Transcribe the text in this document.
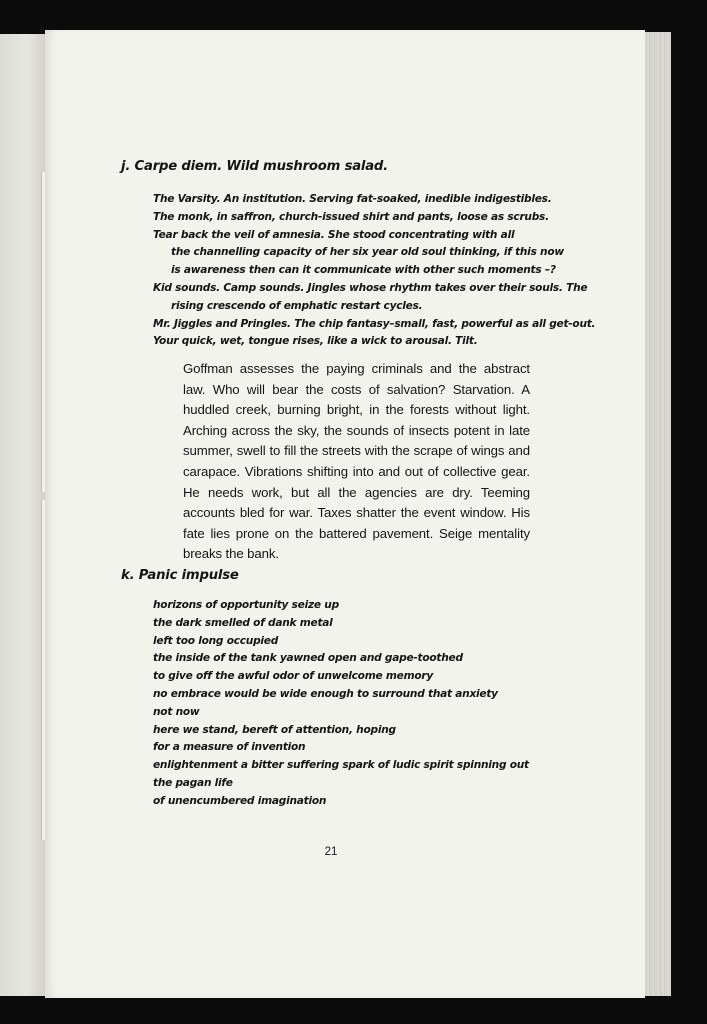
j. Carpe diem. Wild mushroom salad.
The Varsity. An institution. Serving fat-soaked, inedible indigestibles.
The monk, in saffron, church-issued shirt and pants, loose as scrubs.
Tear back the veil of amnesia. She stood concentrating with all
the channelling capacity of her six year old soul thinking, if this now
is awareness then can it communicate with other such moments –?
Kid sounds. Camp sounds. Jingles whose rhythm takes over their souls. The
rising crescendo of emphatic restart cycles.
Mr. Jiggles and Pringles. The chip fantasy–small, fast, powerful as all get-out.
Your quick, wet, tongue rises, like a wick to arousal. Tilt.

Goffman assesses the paying criminals and the abstract law. Who will bear the costs of salvation? Starvation. A huddled creek, burning bright, in the forests without light. Arching across the sky, the sounds of insects potent in late summer, swell to fill the streets with the scrape of wings and carapace. Vibrations shifting into and out of collective gear. He needs work, but all the agencies are dry. Teeming accounts bled for war. Taxes shatter the event window. His fate lies prone on the battered pavement. Seige mentality breaks the bank.

k. Panic impulse
horizons of opportunity seize up
the dark smelled of dank metal
left too long occupied
the inside of the tank yawned open and gape-toothed
to give off the awful odor of unwelcome memory
no embrace would be wide enough to surround that anxiety
not now
here we stand, bereft of attention, hoping
for a measure of invention
enlightenment a bitter suffering spark of ludic spirit spinning out
the pagan life
of unencumbered imagination

21
